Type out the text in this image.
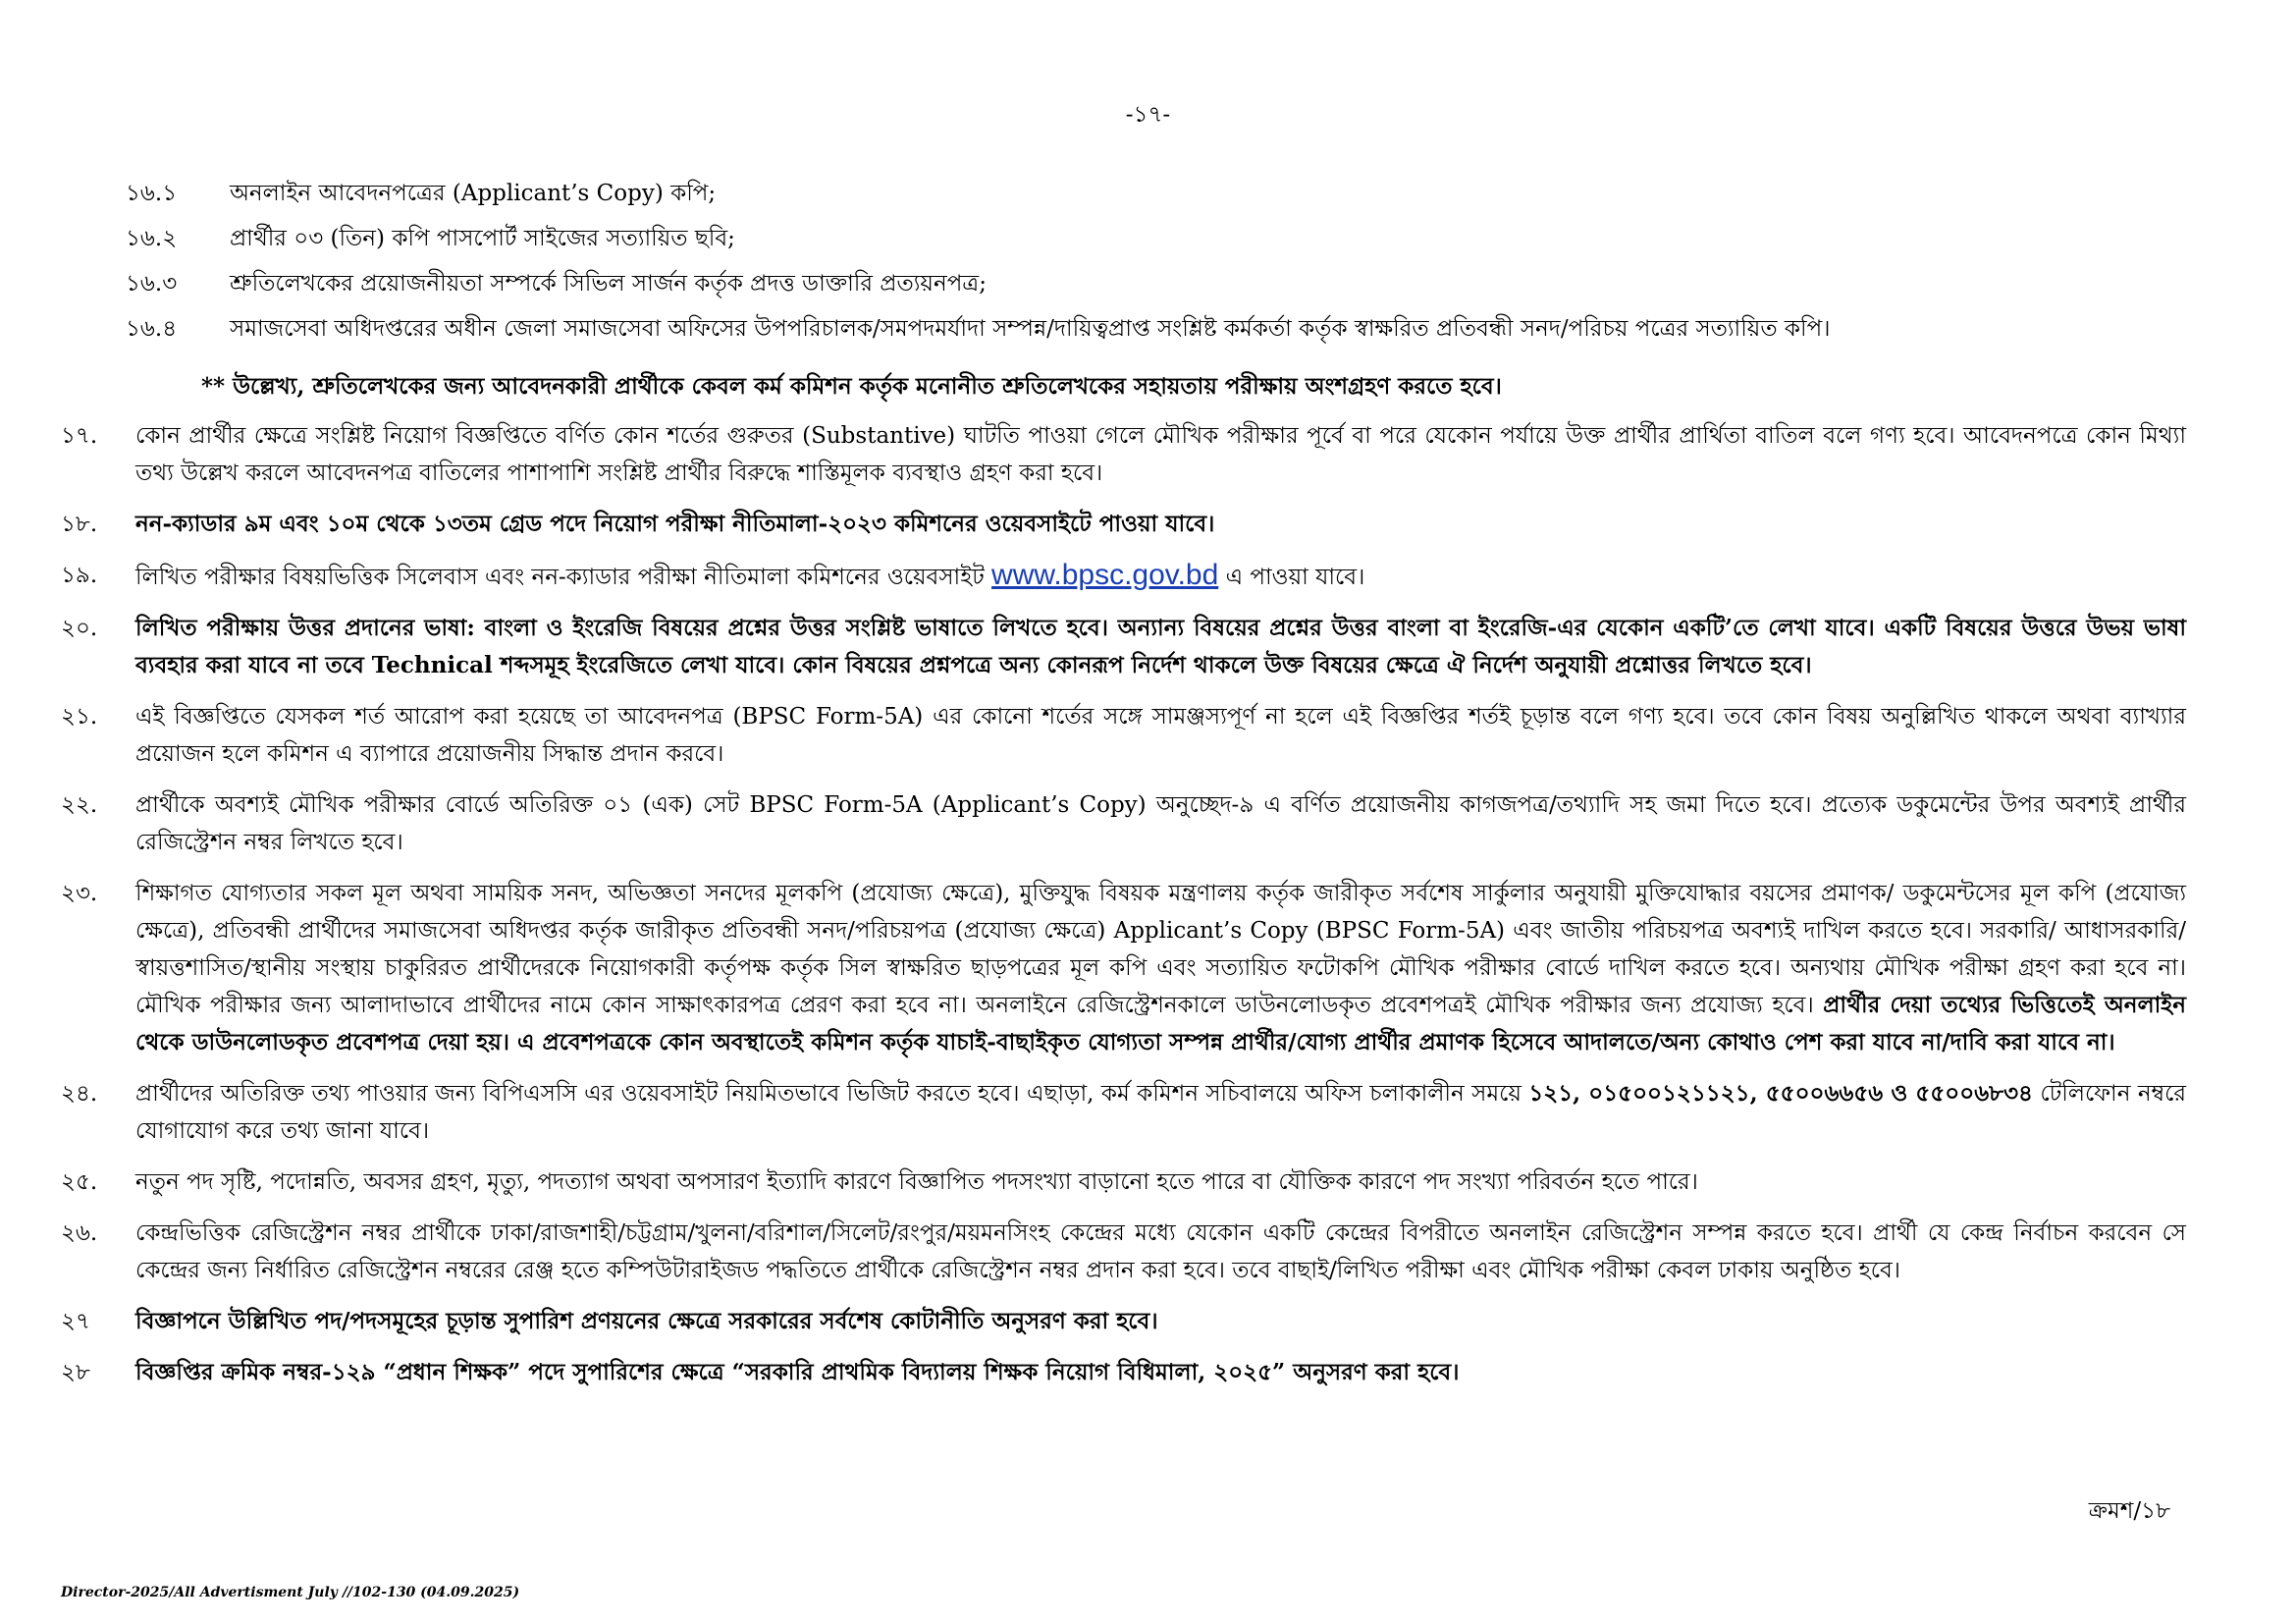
-১৭-
১৬.১	অনলাইন আবেদনপত্রের (Applicant’s Copy) কপি;
১৬.২	প্রার্থীর ০৩ (তিন) কপি পাসপোর্ট সাইজের সত্যায়িত ছবি;
১৬.৩	শ্রুতিলেখকের প্রয়োজনীয়তা সম্পর্কে সিভিল সার্জন কর্তৃক প্রদত্ত ডাক্তারি প্রত্যয়নপত্র;
১৬.৪	সমাজসেবা অধিদপ্তরের অধীন জেলা সমাজসেবা অফিসের উপপরিচালক/সমপদমর্যাদা সম্পন্ন/দায়িত্বপ্রাপ্ত সংশ্লিষ্ট কর্মকর্তা কর্তৃক স্বাক্ষরিত প্রতিবন্ধী সনদ/পরিচয় পত্রের সত্যায়িত কপি।
** উল্লেখ্য, শ্রুতিলেখকের জন্য আবেদনকারী প্রার্থীকে কেবল কর্ম কমিশন কর্তৃক মনোনীত শ্রুতিলেখকের সহায়তায় পরীক্ষায় অংশগ্রহণ করতে হবে।
১৭.	কোন প্রার্থীর ক্ষেত্রে সংশ্লিষ্ট নিয়োগ বিজ্ঞপ্তিতে বর্ণিত কোন শর্তের গুরুতর (Substantive) ঘাটতি পাওয়া গেলে মৌখিক পরীক্ষার পূর্বে বা পরে যেকোন পর্যায়ে উক্ত প্রার্থীর প্রার্থিতা বাতিল বলে গণ্য হবে। আবেদনপত্রে কোন মিথ্যা তথ্য উল্লেখ করলে আবেদনপত্র বাতিলের পাশাপাশি সংশ্লিষ্ট প্রার্থীর বিরুদ্ধে শাস্তিমূলক ব্যবস্থাও গ্রহণ করা হবে।
১৮.	নন-ক্যাডার ৯ম এবং ১০ম থেকে ১৩তম গ্রেড পদে নিয়োগ পরীক্ষা নীতিমালা-২০২৩ কমিশনের ওয়েবসাইটে পাওয়া যাবে।
১৯.	লিখিত পরীক্ষার বিষয়ভিত্তিক সিলেবাস এবং নন-ক্যাডার পরীক্ষা নীতিমালা কমিশনের ওয়েবসাইট www.bpsc.gov.bd এ পাওয়া যাবে।
২০.	লিখিত পরীক্ষায় উত্তর প্রদানের ভাষা: বাংলা ও ইংরেজি বিষয়ের প্রশ্নের উত্তর সংশ্লিষ্ট ভাষাতে লিখতে হবে। অন্যান্য বিষয়ের প্রশ্নের উত্তর বাংলা বা ইংরেজি-এর যেকোন একটি’তে লেখা যাবে। একটি বিষয়ের উত্তরে উভয় ভাষা ব্যবহার করা যাবে না তবে Technical শব্দসমূহ ইংরেজিতে লেখা যাবে। কোন বিষয়ের প্রশ্নপত্রে অন্য কোনরূপ নির্দেশ থাকলে উক্ত বিষয়ের ক্ষেত্রে ঐ নির্দেশ অনুযায়ী প্রশ্নোত্তর লিখতে হবে।
২১.	এই বিজ্ঞপ্তিতে যেসকল শর্ত আরোপ করা হয়েছে তা আবেদনপত্র (BPSC Form-5A) এর কোনো শর্তের সঙ্গে সামঞ্জস্যপূর্ণ না হলে এই বিজ্ঞপ্তির শর্তই চূড়ান্ত বলে গণ্য হবে। তবে কোন বিষয় অনুল্লিখিত থাকলে অথবা ব্যাখ্যার প্রয়োজন হলে কমিশন এ ব্যাপারে প্রয়োজনীয় সিদ্ধান্ত প্রদান করবে।
২২.	প্রার্থীকে অবশ্যই মৌখিক পরীক্ষার বোর্ডে অতিরিক্ত ০১ (এক) সেট BPSC Form-5A (Applicant’s Copy) অনুচ্ছেদ-৯ এ বর্ণিত প্রয়োজনীয় কাগজপত্র/তথ্যাদি সহ জমা দিতে হবে। প্রত্যেক ডকুমেন্টের উপর অবশ্যই প্রার্থীর রেজিস্ট্রেশন নম্বর লিখতে হবে।
২৩.	শিক্ষাগত যোগ্যতার সকল মূল অথবা সাময়িক সনদ, অভিজ্ঞতা সনদের মূলকপি (প্রযোজ্য ক্ষেত্রে), মুক্তিযুদ্ধ বিষয়ক মন্ত্রণালয় কর্তৃক জারীকৃত সর্বশেষ সার্কুলার অনুযায়ী মুক্তিযোদ্ধার বয়সের প্রমাণক/ ডকুমেন্টসের মূল কপি (প্রযোজ্য ক্ষেত্রে), প্রতিবন্ধী প্রার্থীদের সমাজসেবা অধিদপ্তর কর্তৃক জারীকৃত প্রতিবন্ধী সনদ/পরিচয়পত্র (প্রযোজ্য ক্ষেত্রে) Applicant’s Copy (BPSC Form-5A) এবং জাতীয় পরিচয়পত্র অবশ্যই দাখিল করতে হবে। সরকারি/ আধাসরকারি/স্বায়ত্তশাসিত/স্থানীয় সংস্থায় চাকুরিরত প্রার্থীদেরকে নিয়োগকারী কর্তৃপক্ষ কর্তৃক সিল স্বাক্ষরিত ছাড়পত্রের মূল কপি এবং সত্যায়িত ফটোকপি মৌখিক পরীক্ষার বোর্ডে দাখিল করতে হবে। অন্যথায় মৌখিক পরীক্ষা গ্রহণ করা হবে না। মৌখিক পরীক্ষার জন্য আলাদাভাবে প্রার্থীদের নামে কোন সাক্ষাৎকারপত্র প্রেরণ করা হবে না। অনলাইনে রেজিস্ট্রেশনকালে ডাউনলোডকৃত প্রবেশপত্রই মৌখিক পরীক্ষার জন্য প্রযোজ্য হবে। প্রার্থীর দেয়া তথ্যের ভিত্তিতেই অনলাইন থেকে ডাউনলোডকৃত প্রবেশপত্র দেয়া হয়। এ প্রবেশপত্রকে কোন অবস্থাতেই কমিশন কর্তৃক যাচাই-বাছাইকৃত যোগ্যতা সম্পন্ন প্রার্থীর/যোগ্য প্রার্থীর প্রমাণক হিসেবে আদালতে/অন্য কোথাও পেশ করা যাবে না/দাবি করা যাবে না।
২৪.	প্রার্থীদের অতিরিক্ত তথ্য পাওয়ার জন্য বিপিএসসি এর ওয়েবসাইট নিয়মিতভাবে ভিজিট করতে হবে। এছাড়া, কর্ম কমিশন সচিবালয়ে অফিস চলাকালীন সময়ে ১২১, ০১৫০০১২১১২১, ৫৫০০৬৬৫৬ ও ৫৫০০৬৮৩৪ টেলিফোন নম্বরে যোগাযোগ করে তথ্য জানা যাবে।
২৫.	নতুন পদ সৃষ্টি, পদোন্নতি, অবসর গ্রহণ, মৃত্যু, পদত্যাগ অথবা অপসারণ ইত্যাদি কারণে বিজ্ঞাপিত পদসংখ্যা বাড়ানো হতে পারে বা যৌক্তিক কারণে পদ সংখ্যা পরিবর্তন হতে পারে।
২৬.	কেন্দ্রভিত্তিক রেজিস্ট্রেশন নম্বর প্রার্থীকে ঢাকা/রাজশাহী/চট্টগ্রাম/খুলনা/বরিশাল/সিলেট/রংপুর/ময়মনসিংহ কেন্দ্রের মধ্যে যেকোন একটি কেন্দ্রের বিপরীতে অনলাইন রেজিস্ট্রেশন সম্পন্ন করতে হবে। প্রার্থী যে কেন্দ্র নির্বাচন করবেন সে কেন্দ্রের জন্য নির্ধারিত রেজিস্ট্রেশন নম্বরের রেঞ্জ হতে কম্পিউটারাইজড পদ্ধতিতে প্রার্থীকে রেজিস্ট্রেশন নম্বর প্রদান করা হবে। তবে বাছাই/লিখিত পরীক্ষা এবং মৌখিক পরীক্ষা কেবল ঢাকায় অনুষ্ঠিত হবে।
২৭	বিজ্ঞাপনে উল্লিখিত পদ/পদসমূহের চূড়ান্ত সুপারিশ প্রণয়নের ক্ষেত্রে সরকারের সর্বশেষ কোটানীতি অনুসরণ করা হবে।
২৮	বিজ্ঞপ্তির ক্রমিক নম্বর-১২৯ “প্রধান শিক্ষক” পদে সুপারিশের ক্ষেত্রে “সরকারি প্রাথমিক বিদ্যালয় শিক্ষক নিয়োগ বিধিমালা, ২০২৫” অনুসরণ করা হবে।
ক্রমশ/১৮
Director-2025/All Advertisment July //102-130 (04.09.2025)
